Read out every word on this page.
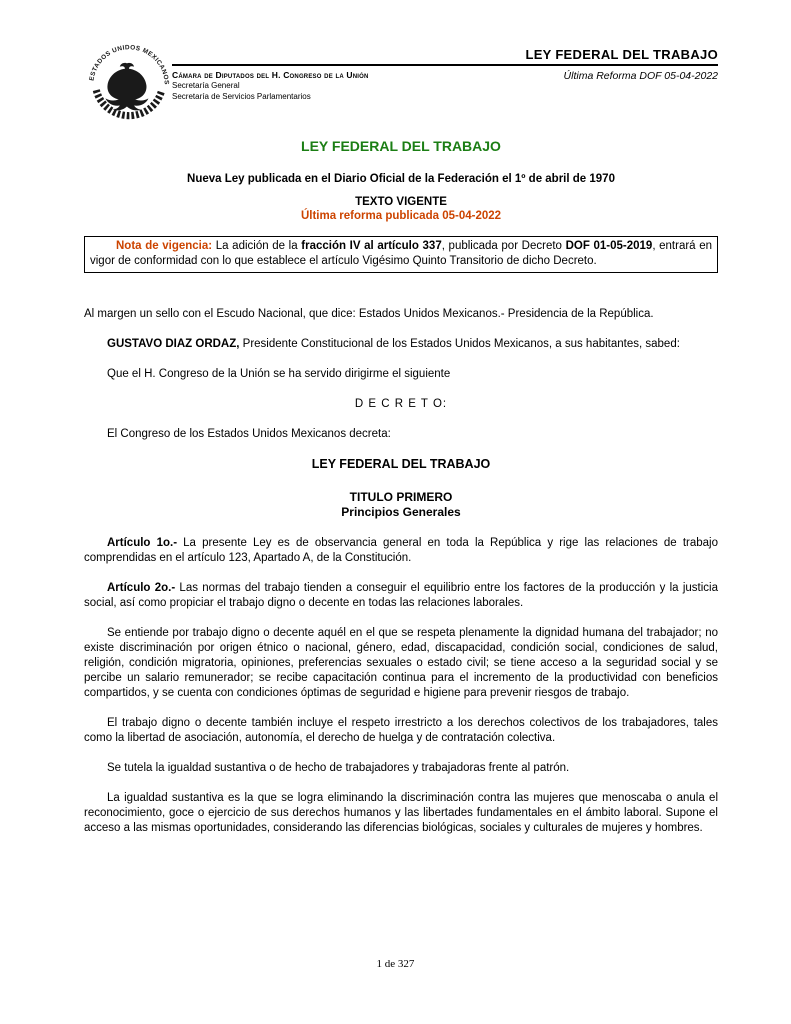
ESTADOS UNIDOS MEXICANOS
LEY FEDERAL DEL TRABAJO
Cámara de Diputados del H. Congreso de la Unión
Secretaría General
Secretaría de Servicios Parlamentarios
Última Reforma DOF 05-04-2022
LEY FEDERAL DEL TRABAJO
Nueva Ley publicada en el Diario Oficial de la Federación el 1º de abril de 1970
TEXTO VIGENTE
Última reforma publicada 05-04-2022

Nota de vigencia: La adición de la fracción IV al artículo 337, publicada por Decreto DOF 01-05-2019, entrará en vigor de conformidad con lo que establece el artículo Vigésimo Quinto Transitorio de dicho Decreto.

Al margen un sello con el Escudo Nacional, que dice: Estados Unidos Mexicanos.- Presidencia de la República.

GUSTAVO DIAZ ORDAZ, Presidente Constitucional de los Estados Unidos Mexicanos, a sus habitantes, sabed:

Que el H. Congreso de la Unión se ha servido dirigirme el siguiente

D E C R E T O:

El Congreso de los Estados Unidos Mexicanos decreta:

LEY FEDERAL DEL TRABAJO
TITULO PRIMERO
Principios Generales

Artículo 1o.- La presente Ley es de observancia general en toda la República y rige las relaciones de trabajo comprendidas en el artículo 123, Apartado A, de la Constitución.

Artículo 2o.- Las normas del trabajo tienden a conseguir el equilibrio entre los factores de la producción y la justicia social, así como propiciar el trabajo digno o decente en todas las relaciones laborales.

Se entiende por trabajo digno o decente aquél en el que se respeta plenamente la dignidad humana del trabajador; no existe discriminación por origen étnico o nacional, género, edad, discapacidad, condición social, condiciones de salud, religión, condición migratoria, opiniones, preferencias sexuales o estado civil; se tiene acceso a la seguridad social y se percibe un salario remunerador; se recibe capacitación continua para el incremento de la productividad con beneficios compartidos, y se cuenta con condiciones óptimas de seguridad e higiene para prevenir riesgos de trabajo.

El trabajo digno o decente también incluye el respeto irrestricto a los derechos colectivos de los trabajadores, tales como la libertad de asociación, autonomía, el derecho de huelga y de contratación colectiva.

Se tutela la igualdad sustantiva o de hecho de trabajadores y trabajadoras frente al patrón.

La igualdad sustantiva es la que se logra eliminando la discriminación contra las mujeres que menoscaba o anula el reconocimiento, goce o ejercicio de sus derechos humanos y las libertades fundamentales en el ámbito laboral. Supone el acceso a las mismas oportunidades, considerando las diferencias biológicas, sociales y culturales de mujeres y hombres.

1 de 327
